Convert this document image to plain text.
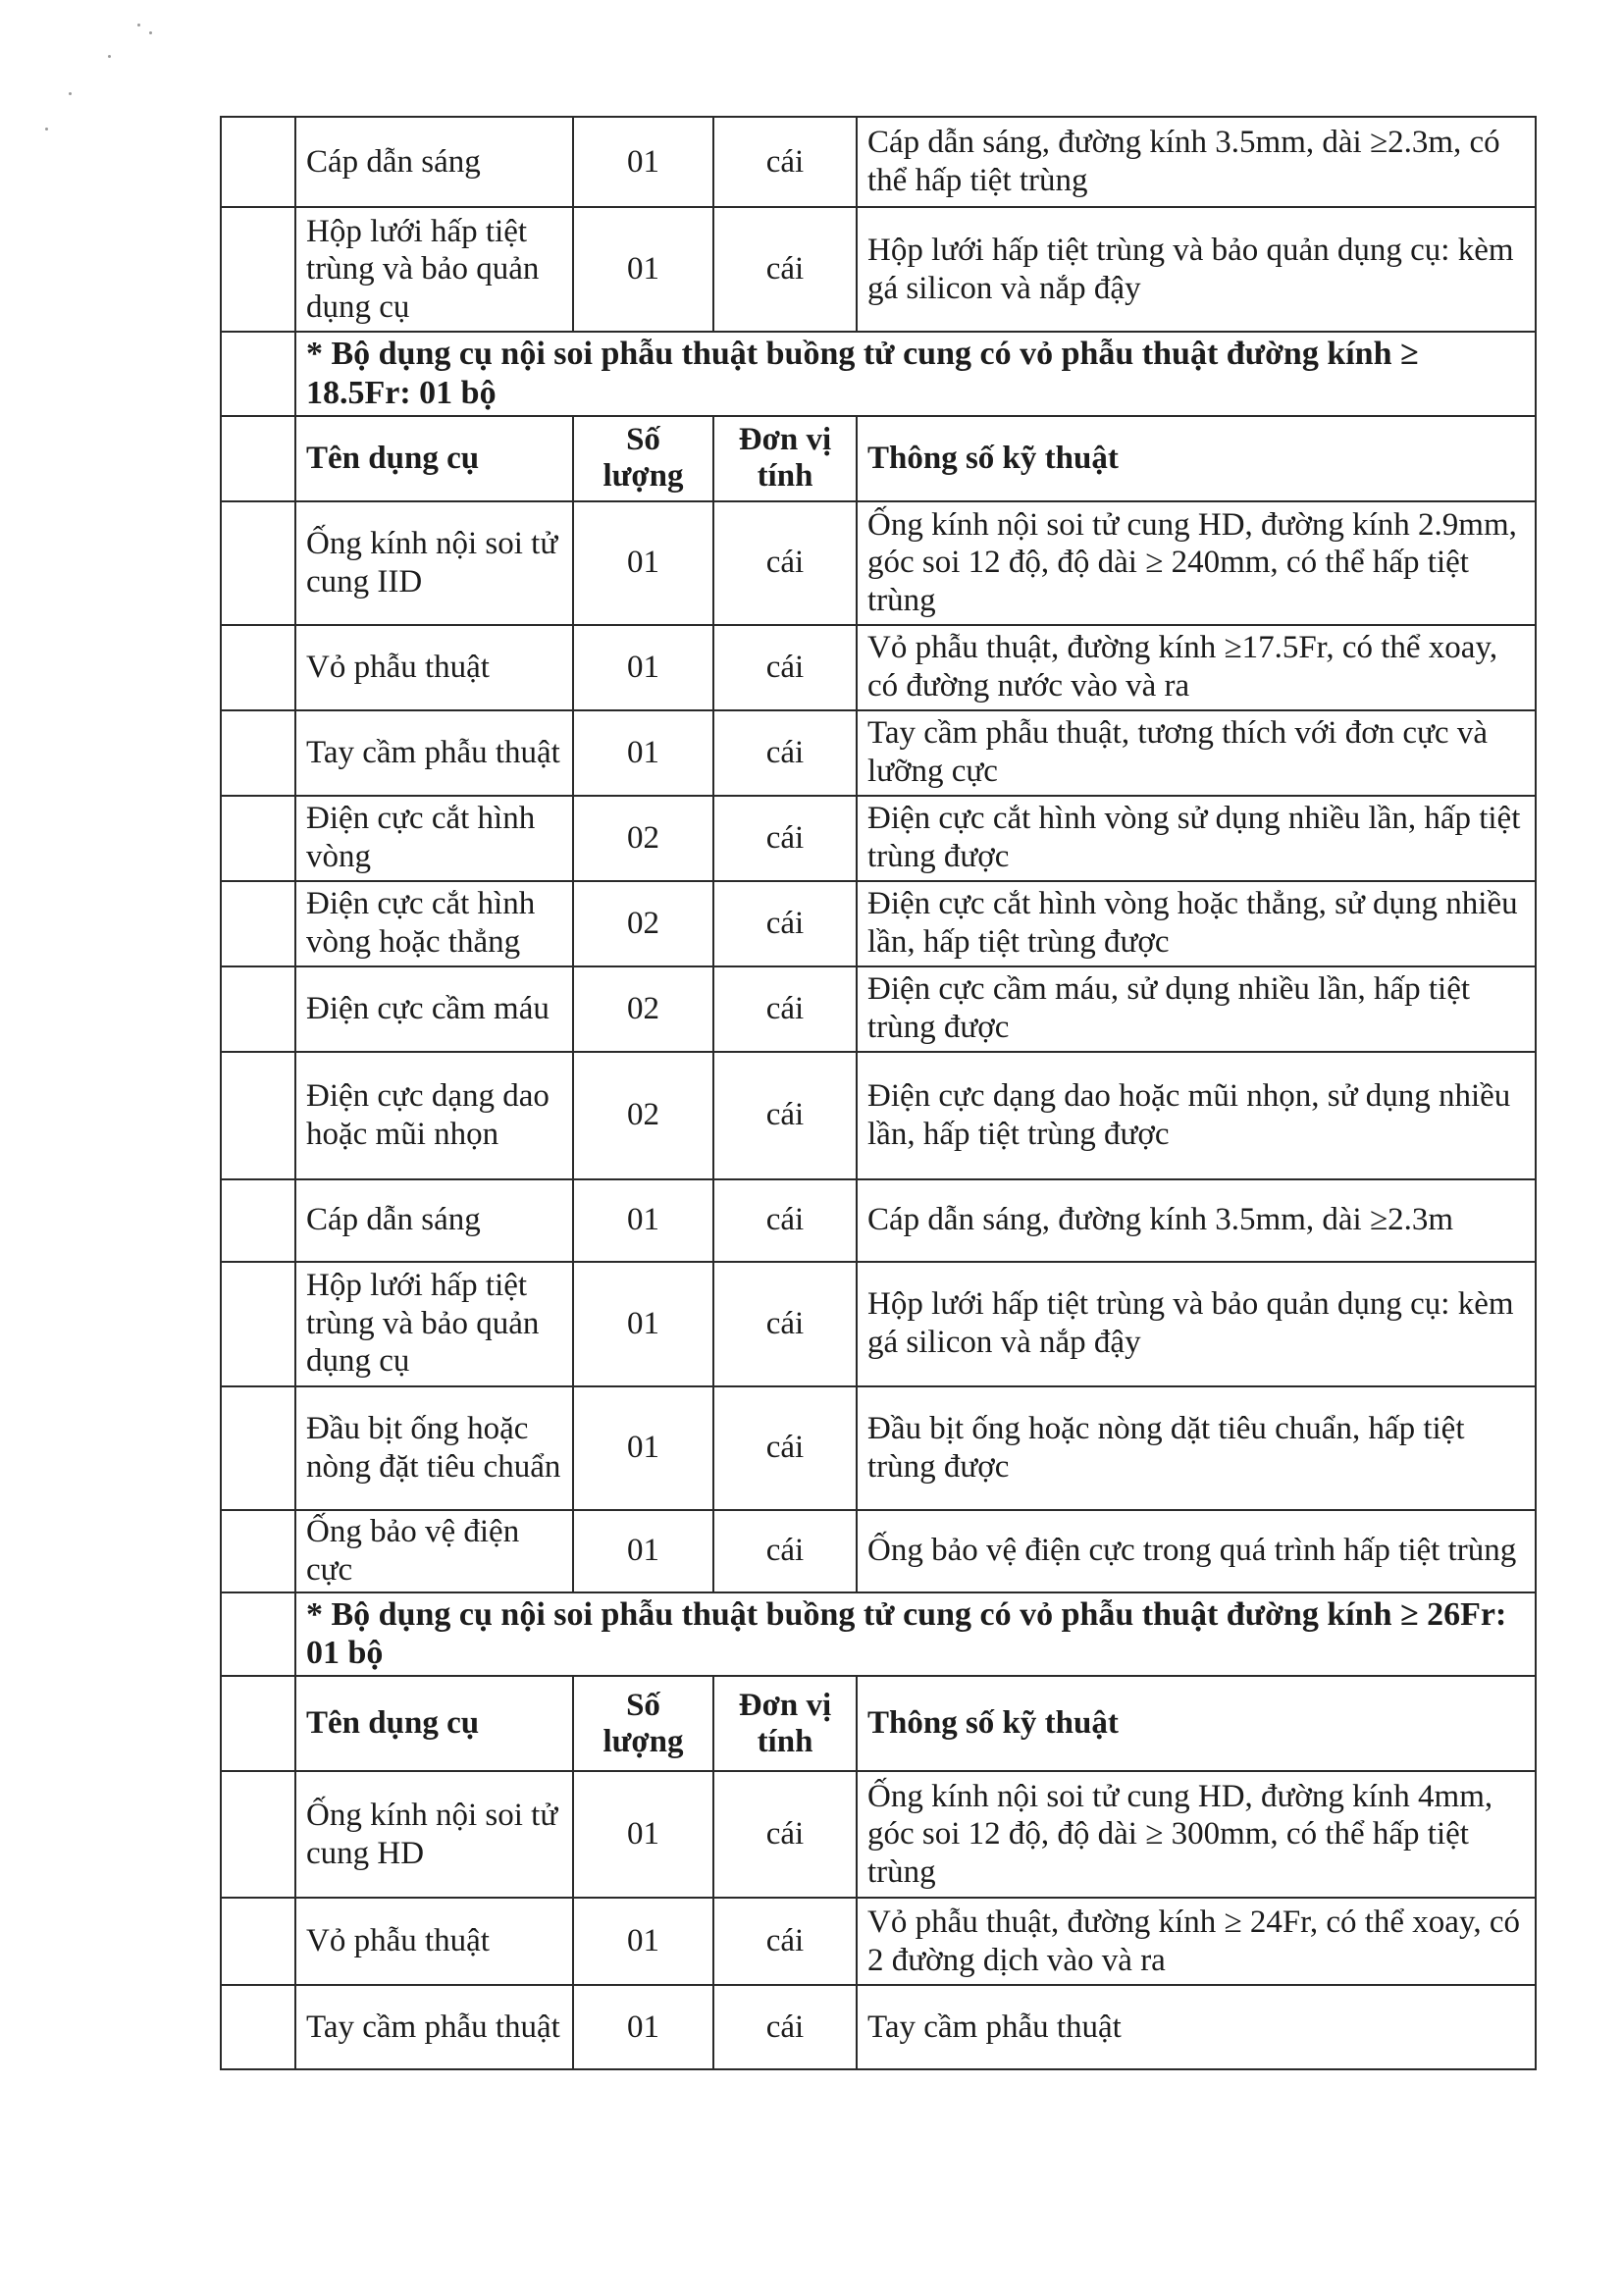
	Cáp dẫn sáng	01	cái	Cáp dẫn sáng, đường kính 3.5mm, dài ≥2.3m, có thể hấp tiệt trùng
	Hộp lưới hấp tiệt trùng và bảo quản dụng cụ	01	cái	Hộp lưới hấp tiệt trùng và bảo quản dụng cụ: kèm gá silicon và nắp đậy
	* Bộ dụng cụ nội soi phẫu thuật buồng tử cung có vỏ phẫu thuật đường kính ≥ 18.5Fr: 01 bộ			
	Tên dụng cụ	Số lượng	Đơn vị tính	Thông số kỹ thuật
	Ống kính nội soi tử cung IID	01	cái	Ống kính nội soi tử cung HD, đường kính 2.9mm, góc soi 12 độ, độ dài ≥ 240mm, có thể hấp tiệt trùng
	Vỏ phẫu thuật	01	cái	Vỏ phẫu thuật, đường kính ≥17.5Fr, có thể xoay, có đường nước vào và ra
	Tay cầm phẫu thuật	01	cái	Tay cầm phẫu thuật, tương thích với đơn cực và lưỡng cực
	Điện cực cắt hình vòng	02	cái	Điện cực cắt hình vòng sử dụng nhiều lần, hấp tiệt trùng được
	Điện cực cắt hình vòng hoặc thẳng	02	cái	Điện cực cắt hình vòng hoặc thẳng, sử dụng nhiều lần, hấp tiệt trùng được
	Điện cực cầm máu	02	cái	Điện cực cầm máu, sử dụng nhiều lần, hấp tiệt trùng được
	Điện cực dạng dao hoặc mũi nhọn	02	cái	Điện cực dạng dao hoặc mũi nhọn, sử dụng nhiều lần, hấp tiệt trùng được
	Cáp dẫn sáng	01	cái	Cáp dẫn sáng, đường kính 3.5mm, dài ≥2.3m
	Hộp lưới hấp tiệt trùng và bảo quản dụng cụ	01	cái	Hộp lưới hấp tiệt trùng và bảo quản dụng cụ: kèm gá silicon và nắp đậy
	Đầu bịt ống hoặc nòng đặt tiêu chuẩn	01	cái	Đầu bịt ống hoặc nòng dặt tiêu chuẩn, hấp tiệt trùng được
	Ống bảo vệ điện cực	01	cái	Ống bảo vệ điện cực trong quá trình hấp tiệt trùng
	* Bộ dụng cụ nội soi phẫu thuật buồng tử cung có vỏ phẫu thuật đường kính ≥ 26Fr: 01 bộ			
	Tên dụng cụ	Số lượng	Đơn vị tính	Thông số kỹ thuật
	Ống kính nội soi tử cung HD	01	cái	Ống kính nội soi tử cung HD, đường kính 4mm, góc soi 12 độ, độ dài ≥ 300mm, có thể hấp tiệt trùng
	Vỏ phẫu thuật	01	cái	Vỏ phẫu thuật, đường kính ≥ 24Fr, có thể xoay, có 2 đường dịch vào và ra
	Tay cầm phẫu thuật	01	cái	Tay cầm phẫu thuật
